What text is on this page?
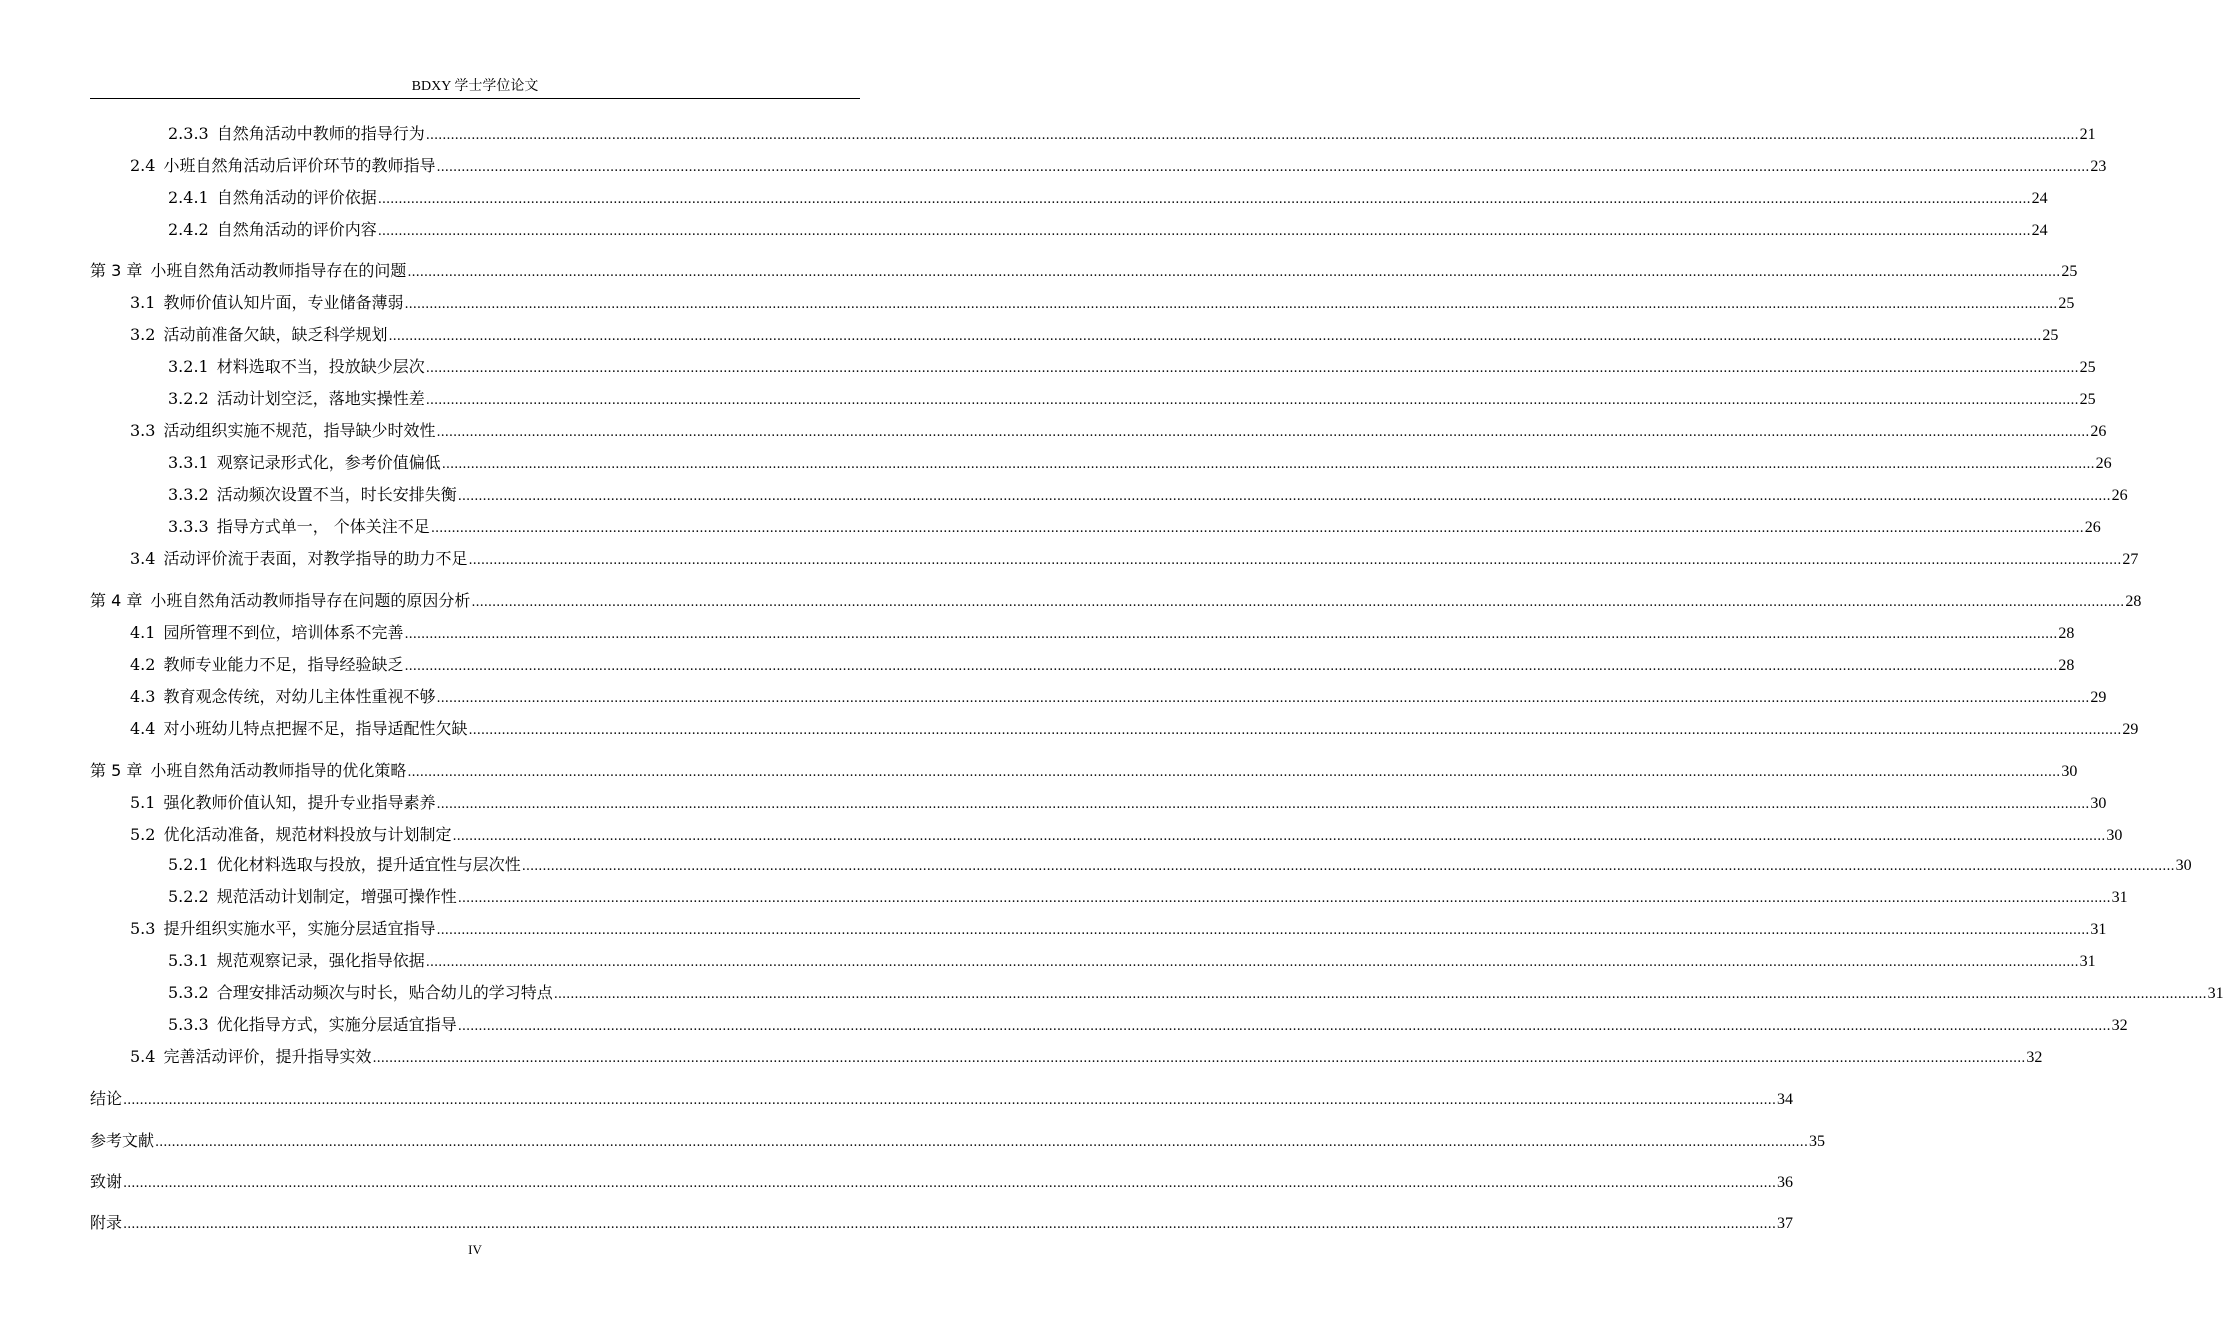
BDXY 学士学位论文
2.3.3 自然角活动中教师的指导行为 ................................................................................................................................................................................................................................................................................................................................................................................................................ 21
2.4 小班自然角活动后评价环节的教师指导 ................................................................................................................................................................................................................................................................................................................................................................................................................ 23
2.4.1 自然角活动的评价依据 ................................................................................................................................................................................................................................................................................................................................................................................................................ 24
2.4.2 自然角活动的评价内容 ................................................................................................................................................................................................................................................................................................................................................................................................................ 24
第 3 章 小班自然角活动教师指导存在的问题 ................................................................................................................................................................................................................................................................................................................................................................................................................ 25
3.1 教师价值认知片面，专业储备薄弱 ................................................................................................................................................................................................................................................................................................................................................................................................................ 25
3.2 活动前准备欠缺，缺乏科学规划 ................................................................................................................................................................................................................................................................................................................................................................................................................ 25
3.2.1 材料选取不当，投放缺少层次 ................................................................................................................................................................................................................................................................................................................................................................................................................ 25
3.2.2 活动计划空泛，落地实操性差 ................................................................................................................................................................................................................................................................................................................................................................................................................ 25
3.3 活动组织实施不规范，指导缺少时效性 ................................................................................................................................................................................................................................................................................................................................................................................................................ 26
3.3.1 观察记录形式化，参考价值偏低 ................................................................................................................................................................................................................................................................................................................................................................................................................ 26
3.3.2 活动频次设置不当，时长安排失衡 ................................................................................................................................................................................................................................................................................................................................................................................................................ 26
3.3.3 指导方式单一， 个体关注不足 ................................................................................................................................................................................................................................................................................................................................................................................................................ 26
3.4 活动评价流于表面，对教学指导的助力不足 ................................................................................................................................................................................................................................................................................................................................................................................................................ 27
第 4 章 小班自然角活动教师指导存在问题的原因分析 ................................................................................................................................................................................................................................................................................................................................................................................................................ 28
4.1 园所管理不到位，培训体系不完善 ................................................................................................................................................................................................................................................................................................................................................................................................................ 28
4.2 教师专业能力不足，指导经验缺乏 ................................................................................................................................................................................................................................................................................................................................................................................................................ 28
4.3 教育观念传统，对幼儿主体性重视不够 ................................................................................................................................................................................................................................................................................................................................................................................................................ 29
4.4 对小班幼儿特点把握不足，指导适配性欠缺 ................................................................................................................................................................................................................................................................................................................................................................................................................ 29
第 5 章 小班自然角活动教师指导的优化策略 ................................................................................................................................................................................................................................................................................................................................................................................................................ 30
5.1 强化教师价值认知，提升专业指导素养 ................................................................................................................................................................................................................................................................................................................................................................................................................ 30
5.2 优化活动准备，规范材料投放与计划制定 ................................................................................................................................................................................................................................................................................................................................................................................................................ 30
5.2.1 优化材料选取与投放，提升适宜性与层次性 ................................................................................................................................................................................................................................................................................................................................................................................................................ 30
5.2.2 规范活动计划制定，增强可操作性 ................................................................................................................................................................................................................................................................................................................................................................................................................ 31
5.3 提升组织实施水平，实施分层适宜指导 ................................................................................................................................................................................................................................................................................................................................................................................................................ 31
5.3.1 规范观察记录，强化指导依据 ................................................................................................................................................................................................................................................................................................................................................................................................................ 31
5.3.2 合理安排活动频次与时长，贴合幼儿的学习特点 ................................................................................................................................................................................................................................................................................................................................................................................................................ 31
5.3.3 优化指导方式，实施分层适宜指导 ................................................................................................................................................................................................................................................................................................................................................................................................................ 32
5.4 完善活动评价，提升指导实效 ................................................................................................................................................................................................................................................................................................................................................................................................................ 32
结论 ................................................................................................................................................................................................................................................................................................................................................................................................................ 34
参考文献 ................................................................................................................................................................................................................................................................................................................................................................................................................ 35
致谢 ................................................................................................................................................................................................................................................................................................................................................................................................................ 36
附录 ................................................................................................................................................................................................................................................................................................................................................................................................................ 37
IV
